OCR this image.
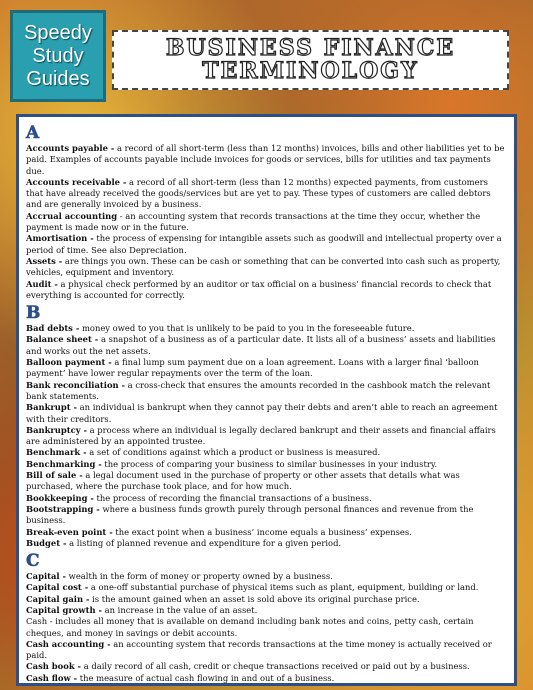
Speedy
Study
Guides
BUSINESS FINANCE
TERMINOLOGY
A

Accounts payable - a record of all short-term (less than 12 months) invoices, bills and other liabilities yet to be paid. Examples of accounts payable include invoices for goods or services, bills for utilities and tax payments due.

Accounts receivable - a record of all short-term (less than 12 months) expected payments, from customers that have already received the goods/services but are yet to pay. These types of customers are called debtors and are generally invoiced by a business.

Accrual accounting - an accounting system that records transactions at the time they occur, whether the payment is made now or in the future.

Amortisation - the process of expensing for intangible assets such as goodwill and intellectual property over a period of time. See also Depreciation.

Assets - are things you own. These can be cash or something that can be converted into cash such as property, vehicles, equipment and inventory.

Audit - a physical check performed by an auditor or tax official on a business’ financial records to check that everything is accounted for correctly.

B

Bad debts - money owed to you that is unlikely to be paid to you in the foreseeable future.

Balance sheet - a snapshot of a business as of a particular date. It lists all of a business’ assets and liabilities and works out the net assets.

Balloon payment - a final lump sum payment due on a loan agreement. Loans with a larger final ‘balloon payment’ have lower regular repayments over the term of the loan.

Bank reconciliation - a cross-check that ensures the amounts recorded in the cashbook match the relevant bank statements.

Bankrupt - an individual is bankrupt when they cannot pay their debts and aren’t able to reach an agreement with their creditors.

Bankruptcy - a process where an individual is legally declared bankrupt and their assets and financial affairs are administered by an appointed trustee.

Benchmark - a set of conditions against which a product or business is measured.

Benchmarking - the process of comparing your business to similar businesses in your industry.

Bill of sale - a legal document used in the purchase of property or other assets that details what was purchased, where the purchase took place, and for how much.

Bookkeeping - the process of recording the financial transactions of a business.

Bootstrapping - where a business funds growth purely through personal finances and revenue from the business.

Break-even point - the exact point when a business’ income equals a business’ expenses.

Budget - a listing of planned revenue and expenditure for a given period.

C

Capital - wealth in the form of money or property owned by a business.

Capital cost - a one-off substantial purchase of physical items such as plant, equipment, building or land.

Capital gain - is the amount gained when an asset is sold above its original purchase price.

Capital growth - an increase in the value of an asset.

Cash - includes all money that is available on demand including bank notes and coins, petty cash, certain cheques, and money in savings or debit accounts.

Cash accounting - an accounting system that records transactions at the time money is actually received or paid.

Cash book - a daily record of all cash, credit or cheque transactions received or paid out by a business.

Cash flow - the measure of actual cash flowing in and out of a business.
